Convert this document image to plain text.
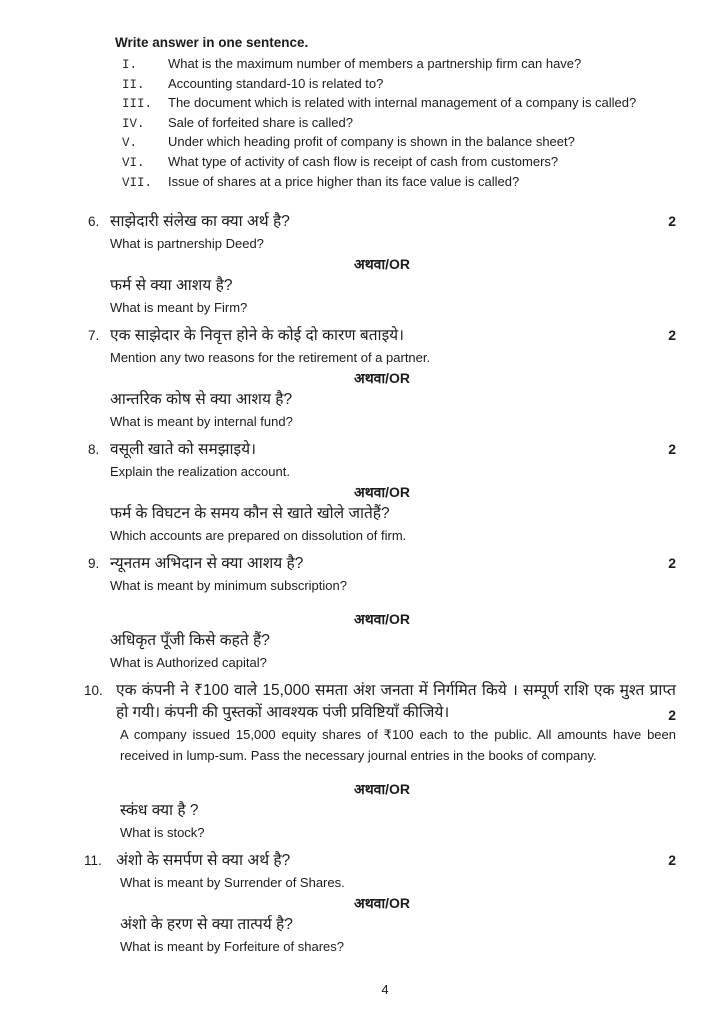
Write answer in one sentence.
I.	What is the maximum number of members a partnership firm can have?
II.	Accounting standard-10 is related to?
III.	The document which is related with internal management of a company is called?
IV.	Sale of forfeited share is called?
V.	Under which heading profit of company is shown in the balance sheet?
VI.	What type of activity of cash flow is receipt of cash from customers?
VII.	Issue of shares at a price higher than its face value is called?
6. साझेदारी संलेख का क्या अर्थ है?	2
What is partnership Deed?
अथवा/OR
फर्म से क्या आशय है?
What is meant by Firm?
7. एक साझेदार के निवृत्त होने के कोई दो कारण बताइये।	2
Mention any two reasons for the retirement of a partner.
अथवा/OR
आन्तरिक कोष से क्या आशय है?
What is meant by internal fund?
8. वसूली खाते को समझाइये।	2
Explain the realization account.
अथवा/OR
फर्म के विघटन के समय कौन से खाते खोले जातेहैं?
Which accounts are prepared on dissolution of firm.
9. न्यूनतम अभिदान से क्या आशय है?	2
What is meant by minimum subscription?
अथवा/OR
अधिकृत पूँजी किसे कहते हैं?
What is Authorized capital?
10. एक कंपनी ने ₹100 वाले 15,000 समता अंश जनता में निर्गमित किये । सम्पूर्ण राशि एक मुश्त प्राप्त हो गयी। कंपनी की पुस्तकों आवश्यक पंजी प्रविष्टियाँ कीजिये।	2
A company issued 15,000 equity shares of ₹100 each to the public. All amounts have been received in lump-sum. Pass the necessary journal entries in the books of company.
अथवा/OR
स्कंध क्या है ?
What is stock?
11. अंशो के समर्पण से क्या अर्थ है?	2
What is meant by Surrender of Shares.
अथवा/OR
अंशो के हरण से क्या तात्पर्य है?
What is meant by Forfeiture of shares?
4
